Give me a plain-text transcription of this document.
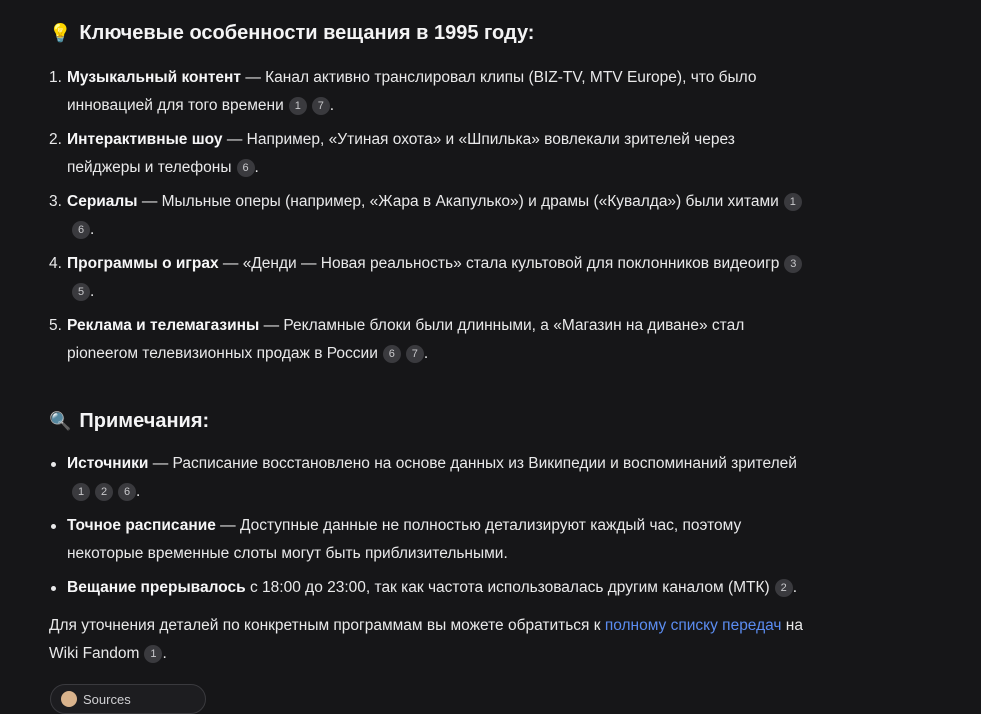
💡 Ключевые особенности вещания в 1995 году:
1. Музыкальный контент — Канал активно транслировал клипы (BIZ-TV, MTV Europe), что было инновацией для того времени 1 7 .
2. Интерактивные шоу — Например, «Утиная охота» и «Шпилька» вовлекали зрителей через пейджеры и телефоны 6 .
3. Сериалы — Мыльные оперы (например, «Жара в Акапулько») и драмы («Кувалда») были хитами 16 .
4. Программы о играх — «Денди — Новая реальность» стала культовой для поклонников видеоигр 35 .
5. Реклама и телемагазины — Рекламные блоки были длинными, а «Магазин на диване» стал pioneerом телевизионных продаж в России 6 7 .
🔍 Примечания:
Источники — Расписание восстановлено на основе данных из Википедии и воспоминаний зрителей1 2 6 .
Точное расписание — Доступные данные не полностью детализируют каждый час, поэтому некоторые временные слоты могут быть приблизительными.
Вещание прерывалось с 18:00 до 23:00, так как частота использовалась другим каналом (МТК) 2 .

Для уточнения деталей по конкретным программам вы можете обратиться к полному списку передач на Wiki Fandom 1 .

Sources
